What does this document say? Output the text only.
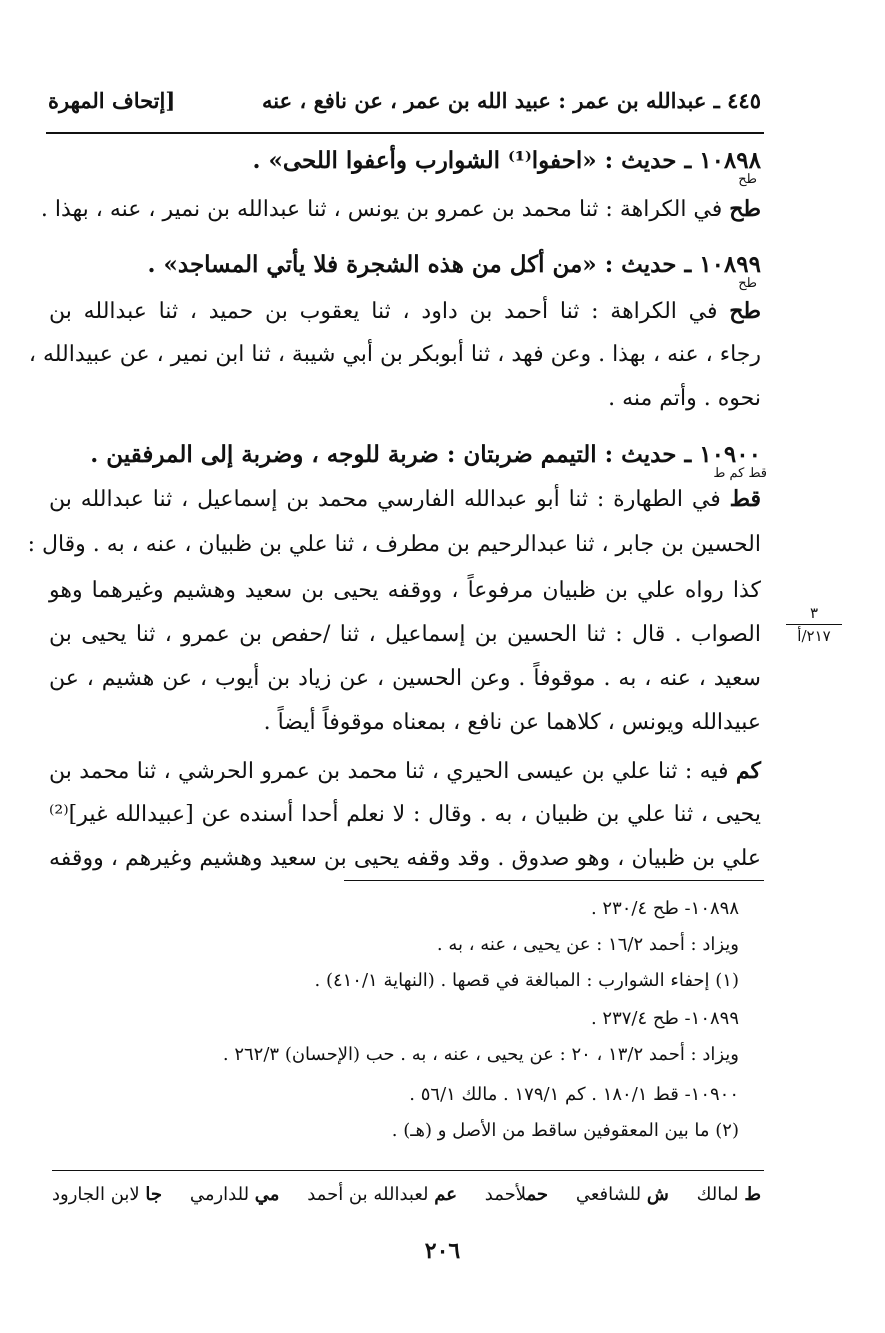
٤٤٥ ـ عبدالله بن عمر : عبيد الله بن عمر ، عن نافع ، عنه
[إتحاف المهرة
١٠٨٩٨ ـ حديث : «احفوا⁽¹⁾ الشوارب وأعفوا اللحى» .
طح
طح في الكراهة : ثنا محمد بن عمرو بن يونس ، ثنا عبدالله بن نمير ، عنه ، بهذا .
١٠٨٩٩ ـ حديث : «من أكل من هذه الشجرة فلا يأتي المساجد» .
طح
طح في الكراهة : ثنا أحمد بن داود ، ثنا يعقوب بن حميد ، ثنا عبدالله بن
رجاء ، عنه ، بهذا . وعن فهد ، ثنا أبوبكر بن أبي شيبة ، ثنا ابن نمير ، عن عبيدالله ،
نحوه . وأتم منه .
١٠٩٠٠ ـ حديث : التيمم ضربتان : ضربة للوجه ، وضربة إلى المرفقين .
قط كم ط
قط في الطهارة : ثنا أبو عبدالله الفارسي محمد بن إسماعيل ، ثنا عبدالله بن
الحسين بن جابر ، ثنا عبدالرحيم بن مطرف ، ثنا علي بن ظبيان ، عنه ، به . وقال :
كذا رواه علي بن ظبيان مرفوعاً ، ووقفه يحيى بن سعيد وهشيم وغيرهما وهو
الصواب . قال : ثنا الحسين بن إسماعيل ، ثنا /حفص بن عمرو ، ثنا يحيى بن
سعيد ، عنه ، به . موقوفاً . وعن الحسين ، عن زياد بن أيوب ، عن هشيم ، عن
عبيدالله ويونس ، كلاهما عن نافع ، بمعناه موقوفاً أيضاً .
كم فيه : ثنا علي بن عيسى الحيري ، ثنا محمد بن عمرو الحرشي ، ثنا محمد بن
يحيى ، ثنا علي بن ظبيان ، به . وقال : لا نعلم أحدا أسنده عن [عبيدالله غير]⁽²⁾
علي بن ظبيان ، وهو صدوق . وقد وقفه يحيى بن سعيد وهشيم وغيرهم ، ووقفه
٣
٢١٧/أ
١٠٨٩٨- طح ٢٣٠/٤ .
ويزاد : أحمد ١٦/٢ : عن يحيى ، عنه ، به .
(١) إحفاء الشوارب : المبالغة في قصها . (النهاية ٤١٠/١) .
١٠٨٩٩- طح ٢٣٧/٤ .
ويزاد : أحمد ١٣/٢ ، ٢٠ : عن يحيى ، عنه ، به . حب (الإحسان) ٢٦٢/٣ .
١٠٩٠٠- قط ١٨٠/١ . كم ١٧٩/١ . مالك ٥٦/١ .
(٢) ما بين المعقوفين ساقط من الأصل و (هـ) .
ط لمالك
ش للشافعي
حملأحمد
عم لعبدالله بن أحمد
مي للدارمي
جا لابن الجارود
٢٠٦
